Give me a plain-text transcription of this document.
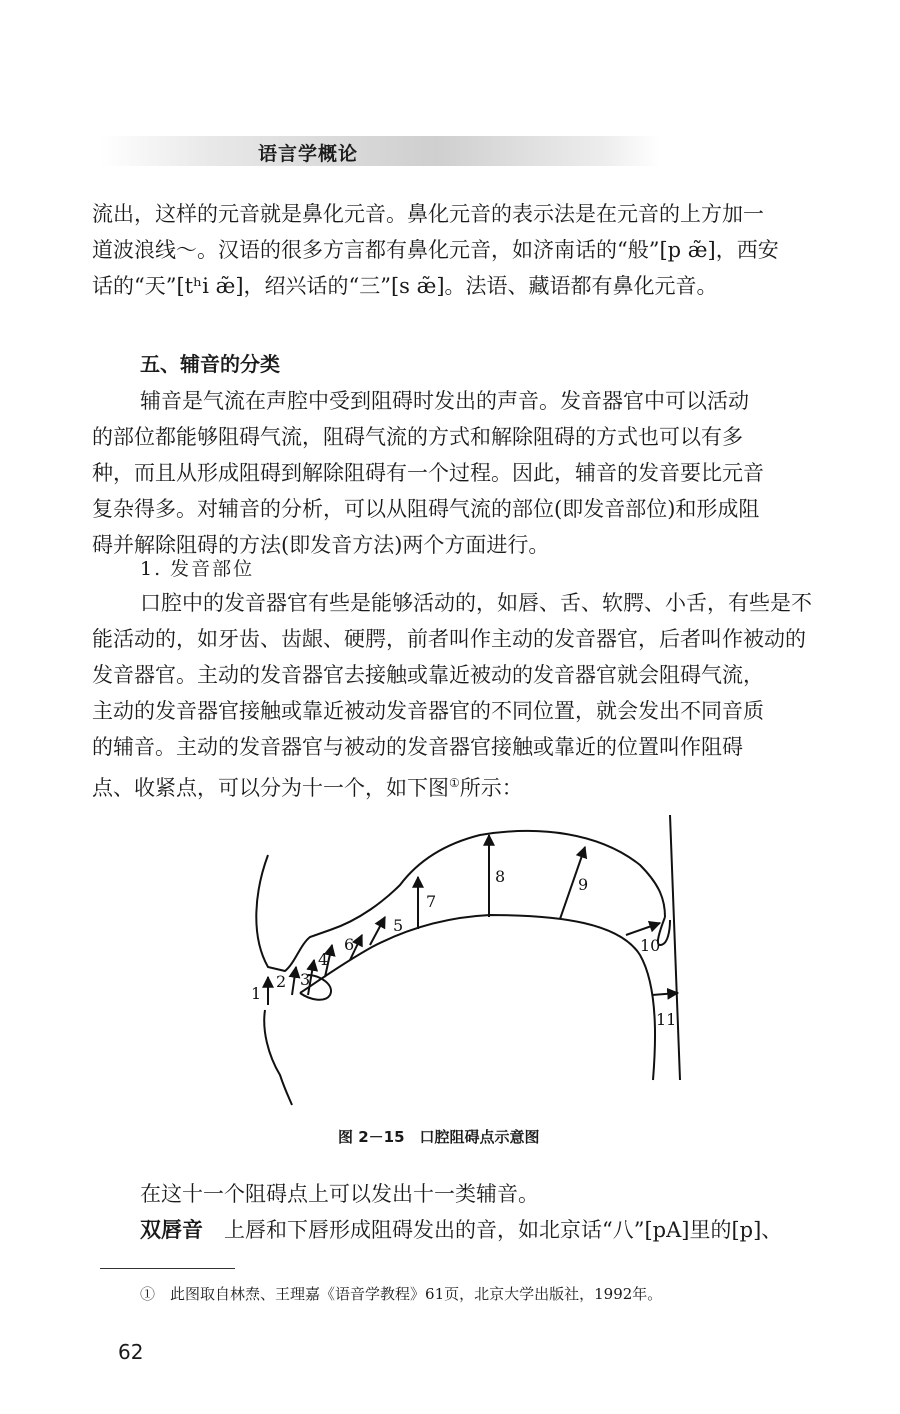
语言学概论
流出，这样的元音就是鼻化元音。鼻化元音的表示法是在元音的上方加一
道波浪线～。汉语的很多方言都有鼻化元音，如济南话的“般”[p æ̃]，西安
话的“天”[tʰi æ̃]，绍兴话的“三”[s æ̃]。法语、藏语都有鼻化元音。
五、辅音的分类
辅音是气流在声腔中受到阻碍时发出的声音。发音器官中可以活动
的部位都能够阻碍气流，阻碍气流的方式和解除阻碍的方式也可以有多
种，而且从形成阻碍到解除阻碍有一个过程。因此，辅音的发音要比元音
复杂得多。对辅音的分析，可以从阻碍气流的部位(即发音部位)和形成阻
碍并解除阻碍的方法(即发音方法)两个方面进行。
1. 发音部位
口腔中的发音器官有些是能够活动的，如唇、舌、软腭、小舌，有些是不
能活动的，如牙齿、齿龈、硬腭，前者叫作主动的发音器官，后者叫作被动的
发音器官。主动的发音器官去接触或靠近被动的发音器官就会阻碍气流，
主动的发音器官接触或靠近被动发音器官的不同位置，就会发出不同音质
的辅音。主动的发音器官与被动的发音器官接触或靠近的位置叫作阻碍
点、收紧点，可以分为十一个，如下图①所示：
1
2 3
4
5
6
7
8	9
10
11
图 2－15　口腔阻碍点示意图
在这十一个阻碍点上可以发出十一类辅音。
双唇音　 上唇和下唇形成阻碍发出的音，如北京话“八”[pA]里的[p]、
①　 此图取自林焘、王理嘉《语音学教程》61页，北京大学出版社，1992年。
62
